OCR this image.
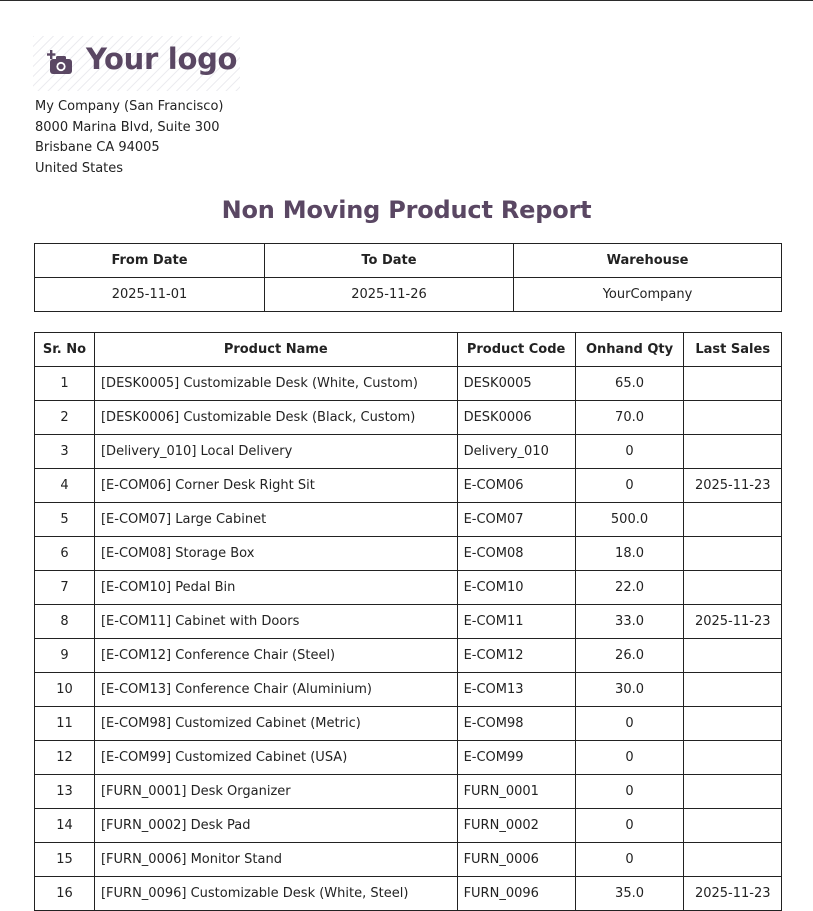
Your logo
My Company (San Francisco)
8000 Marina Blvd, Suite 300
Brisbane CA 94005
United States
Non Moving Product Report
From Date	To Date	Warehouse
2025-11-01	2025-11-26	YourCompany
Sr. No	Product Name	Product Code	Onhand Qty	Last Sales
1	[DESK0005] Customizable Desk (White, Custom)	DESK0005	65.0	
2	[DESK0006] Customizable Desk (Black, Custom)	DESK0006	70.0	
3	[Delivery_010] Local Delivery	Delivery_010	0	
4	[E-COM06] Corner Desk Right Sit	E-COM06	0	2025-11-23
5	[E-COM07] Large Cabinet	E-COM07	500.0	
6	[E-COM08] Storage Box	E-COM08	18.0	
7	[E-COM10] Pedal Bin	E-COM10	22.0	
8	[E-COM11] Cabinet with Doors	E-COM11	33.0	2025-11-23
9	[E-COM12] Conference Chair (Steel)	E-COM12	26.0	
10	[E-COM13] Conference Chair (Aluminium)	E-COM13	30.0	
11	[E-COM98] Customized Cabinet (Metric)	E-COM98	0	
12	[E-COM99] Customized Cabinet (USA)	E-COM99	0	
13	[FURN_0001] Desk Organizer	FURN_0001	0	
14	[FURN_0002] Desk Pad	FURN_0002	0	
15	[FURN_0006] Monitor Stand	FURN_0006	0	
16	[FURN_0096] Customizable Desk (White, Steel)	FURN_0096	35.0	2025-11-23
